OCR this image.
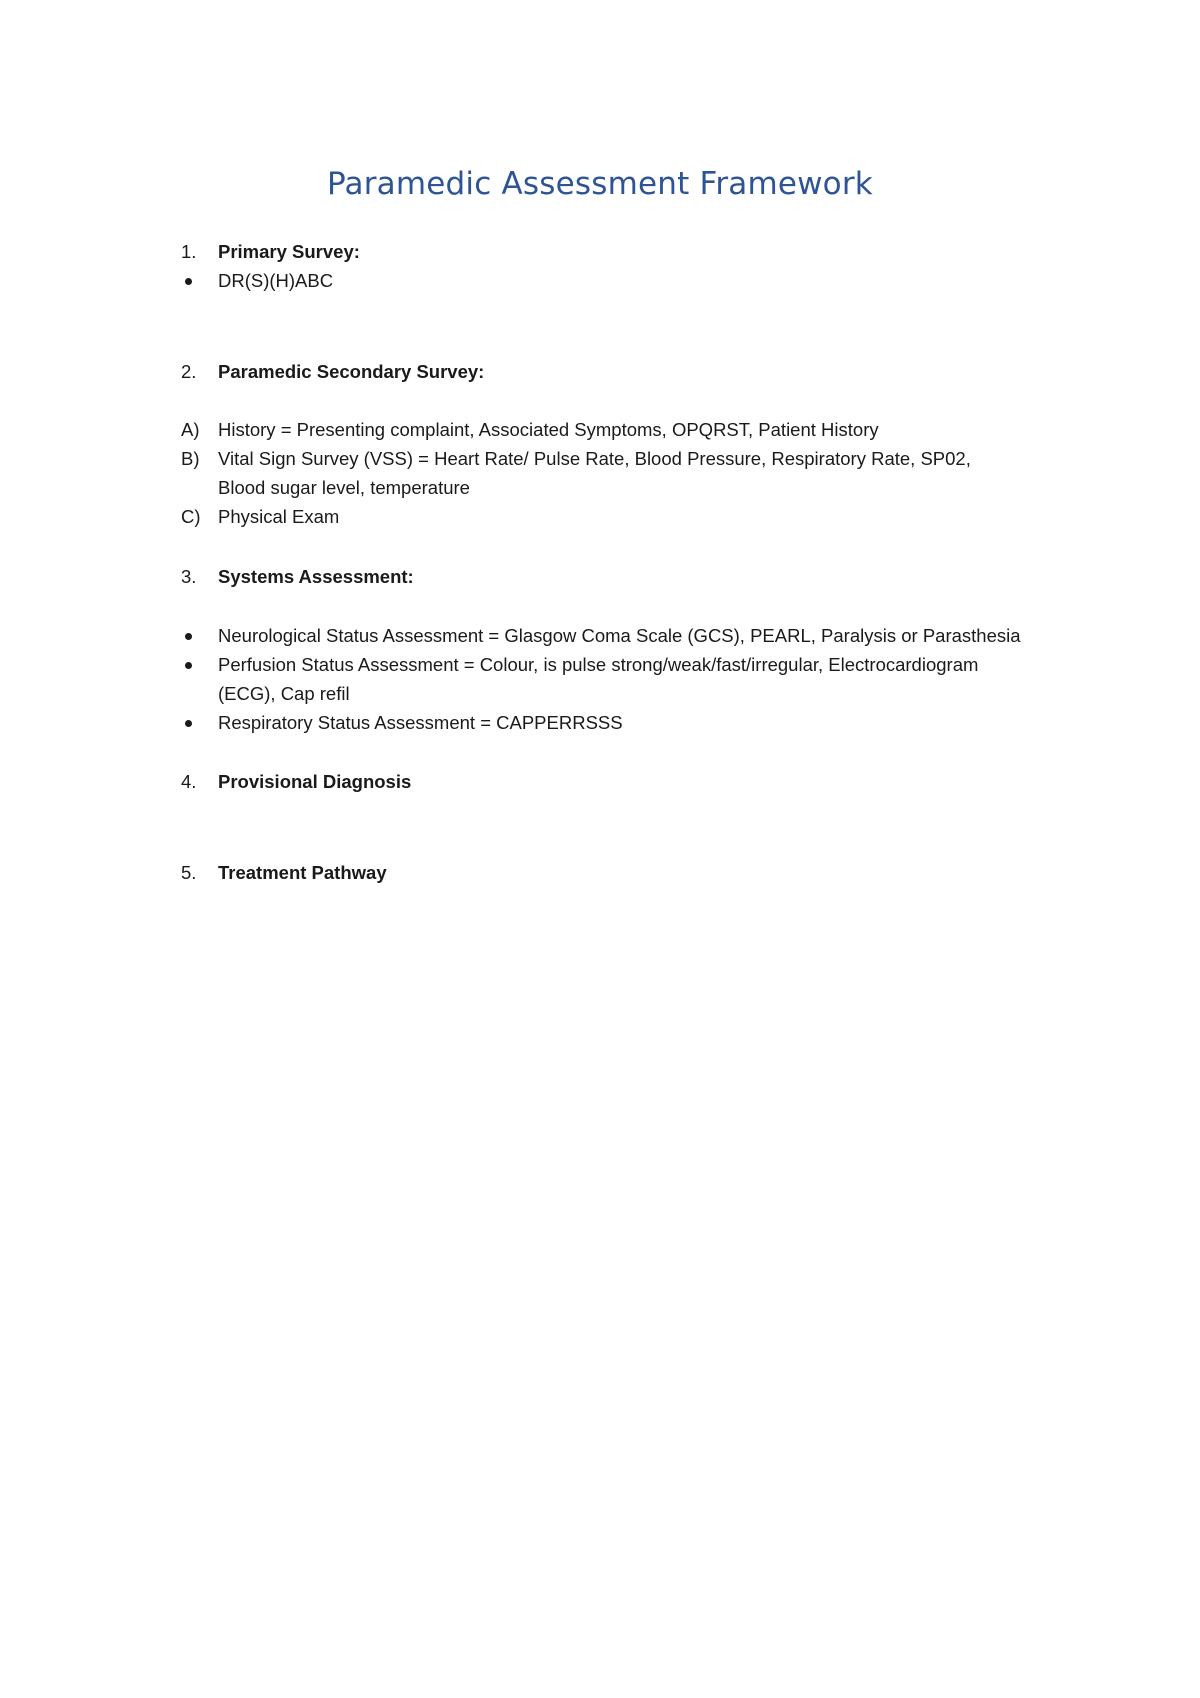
Paramedic Assessment Framework
1. Primary Survey:
DR(S)(H)ABC
2. Paramedic Secondary Survey:
A) History = Presenting complaint, Associated Symptoms, OPQRST, Patient History
B) Vital Sign Survey (VSS) = Heart Rate/ Pulse Rate, Blood Pressure, Respiratory Rate, SP02,
Blood sugar level, temperature
C) Physical Exam
3. Systems Assessment:
Neurological Status Assessment = Glasgow Coma Scale (GCS), PEARL, Paralysis or Parasthesia
Perfusion Status Assessment = Colour, is pulse strong/weak/fast/irregular, Electrocardiogram
(ECG), Cap refil
Respiratory Status Assessment = CAPPERRSSS
4. Provisional Diagnosis
5. Treatment Pathway
